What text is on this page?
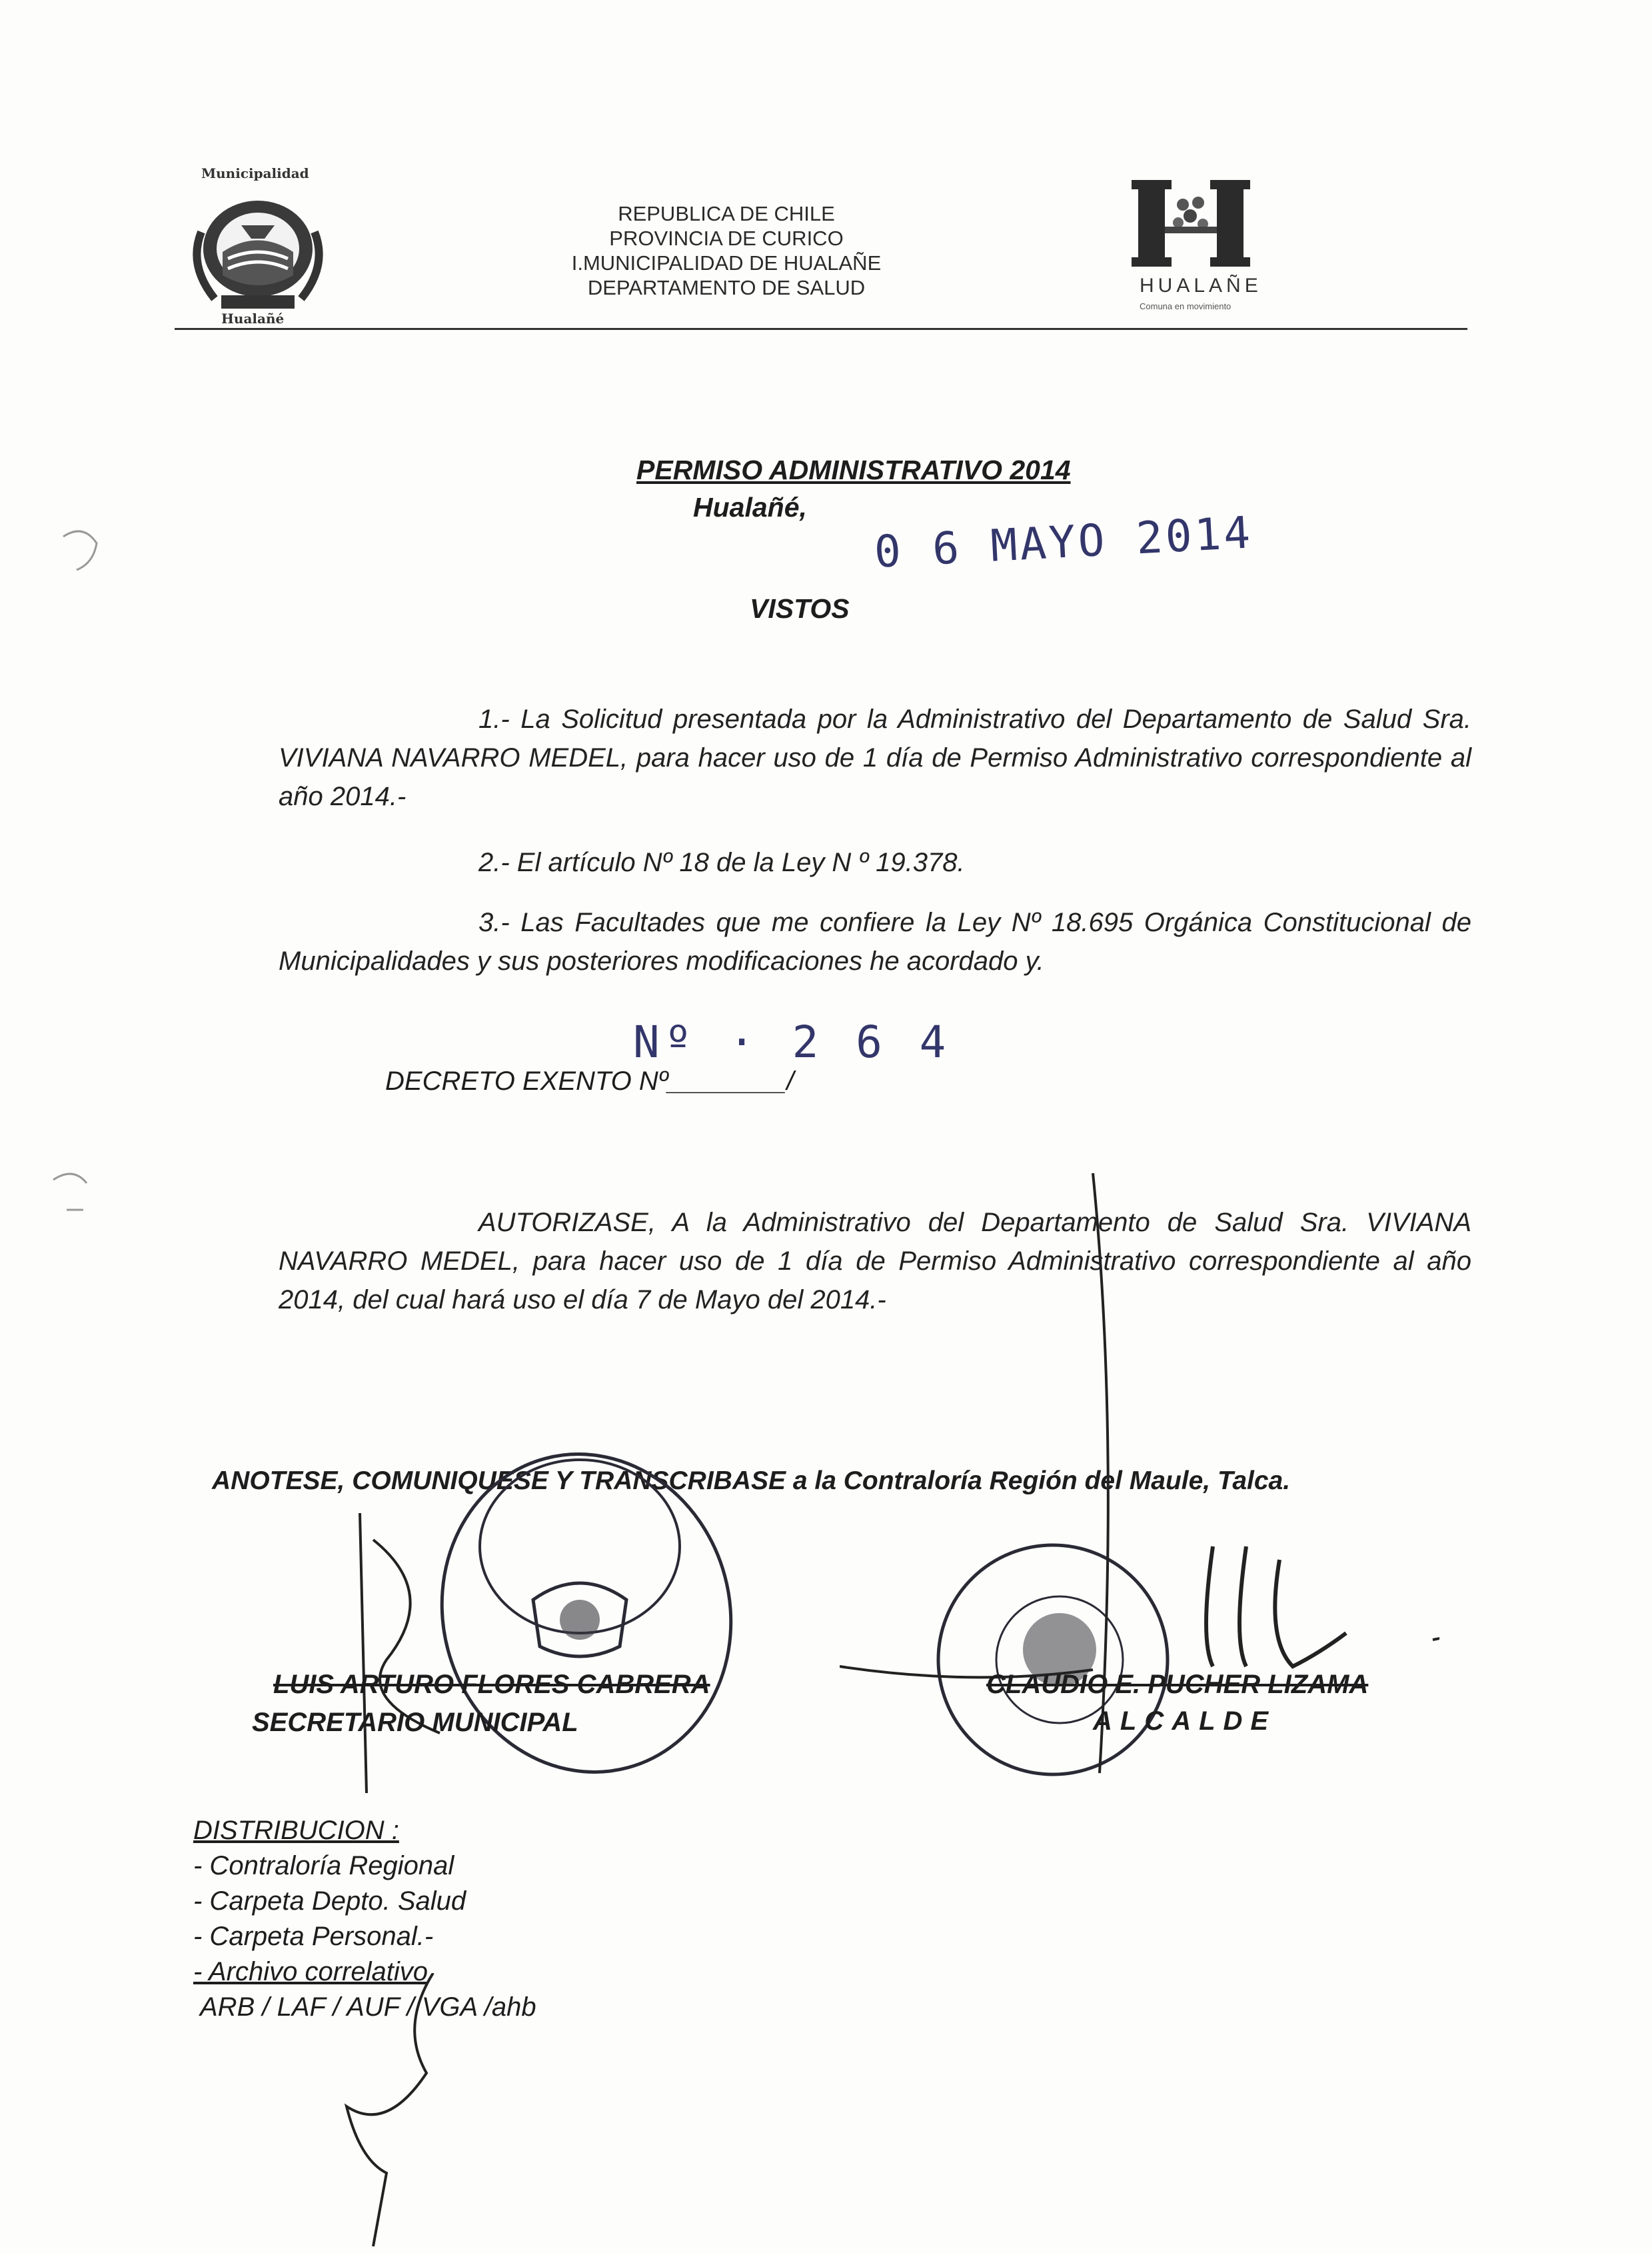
Municipalidad
Hualañé
REPUBLICA DE CHILE
PROVINCIA DE CURICO
I.MUNICIPALIDAD DE HUALAÑE
DEPARTAMENTO DE SALUD	HUALAÑE
Comuna en movimiento
PERMISO ADMINISTRATIVO 2014
Hualañé, 0 6 MAYO 2014
VISTOS
1.- La Solicitud presentada por la Administrativo del Departamento de Salud Sra. VIVIANA NAVARRO MEDEL, para hacer uso de 1 día de Permiso Administrativo correspondiente al año 2014.-
2.- El artículo Nº 18 de la Ley N º 19.378.
3.- Las Facultades que me confiere la Ley Nº 18.695 Orgánica Constitucional de Municipalidades y sus posteriores modificaciones he acordado y.
Nº · 2 6 4
DECRETO EXENTO Nº________/
AUTORIZASE, A la Administrativo del Departamento de Salud Sra. VIVIANA NAVARRO MEDEL, para hacer uso de 1 día de Permiso Administrativo correspondiente al año 2014, del cual hará uso el día 7 de Mayo del 2014.-
ANOTESE, COMUNIQUESE Y TRANSCRIBASE a la Contraloría Región del Maule, Talca.
LUIS ARTURO FLORES CABRERA
SECRETARIO MUNICIPAL
CLAUDIO E. PUCHER LIZAMA
ALCALDE
DISTRIBUCION :
- Contraloría Regional
- Carpeta Depto. Salud
- Carpeta Personal.-
- Archivo correlativo
ARB / LAF / AUF / VGA /ahb
